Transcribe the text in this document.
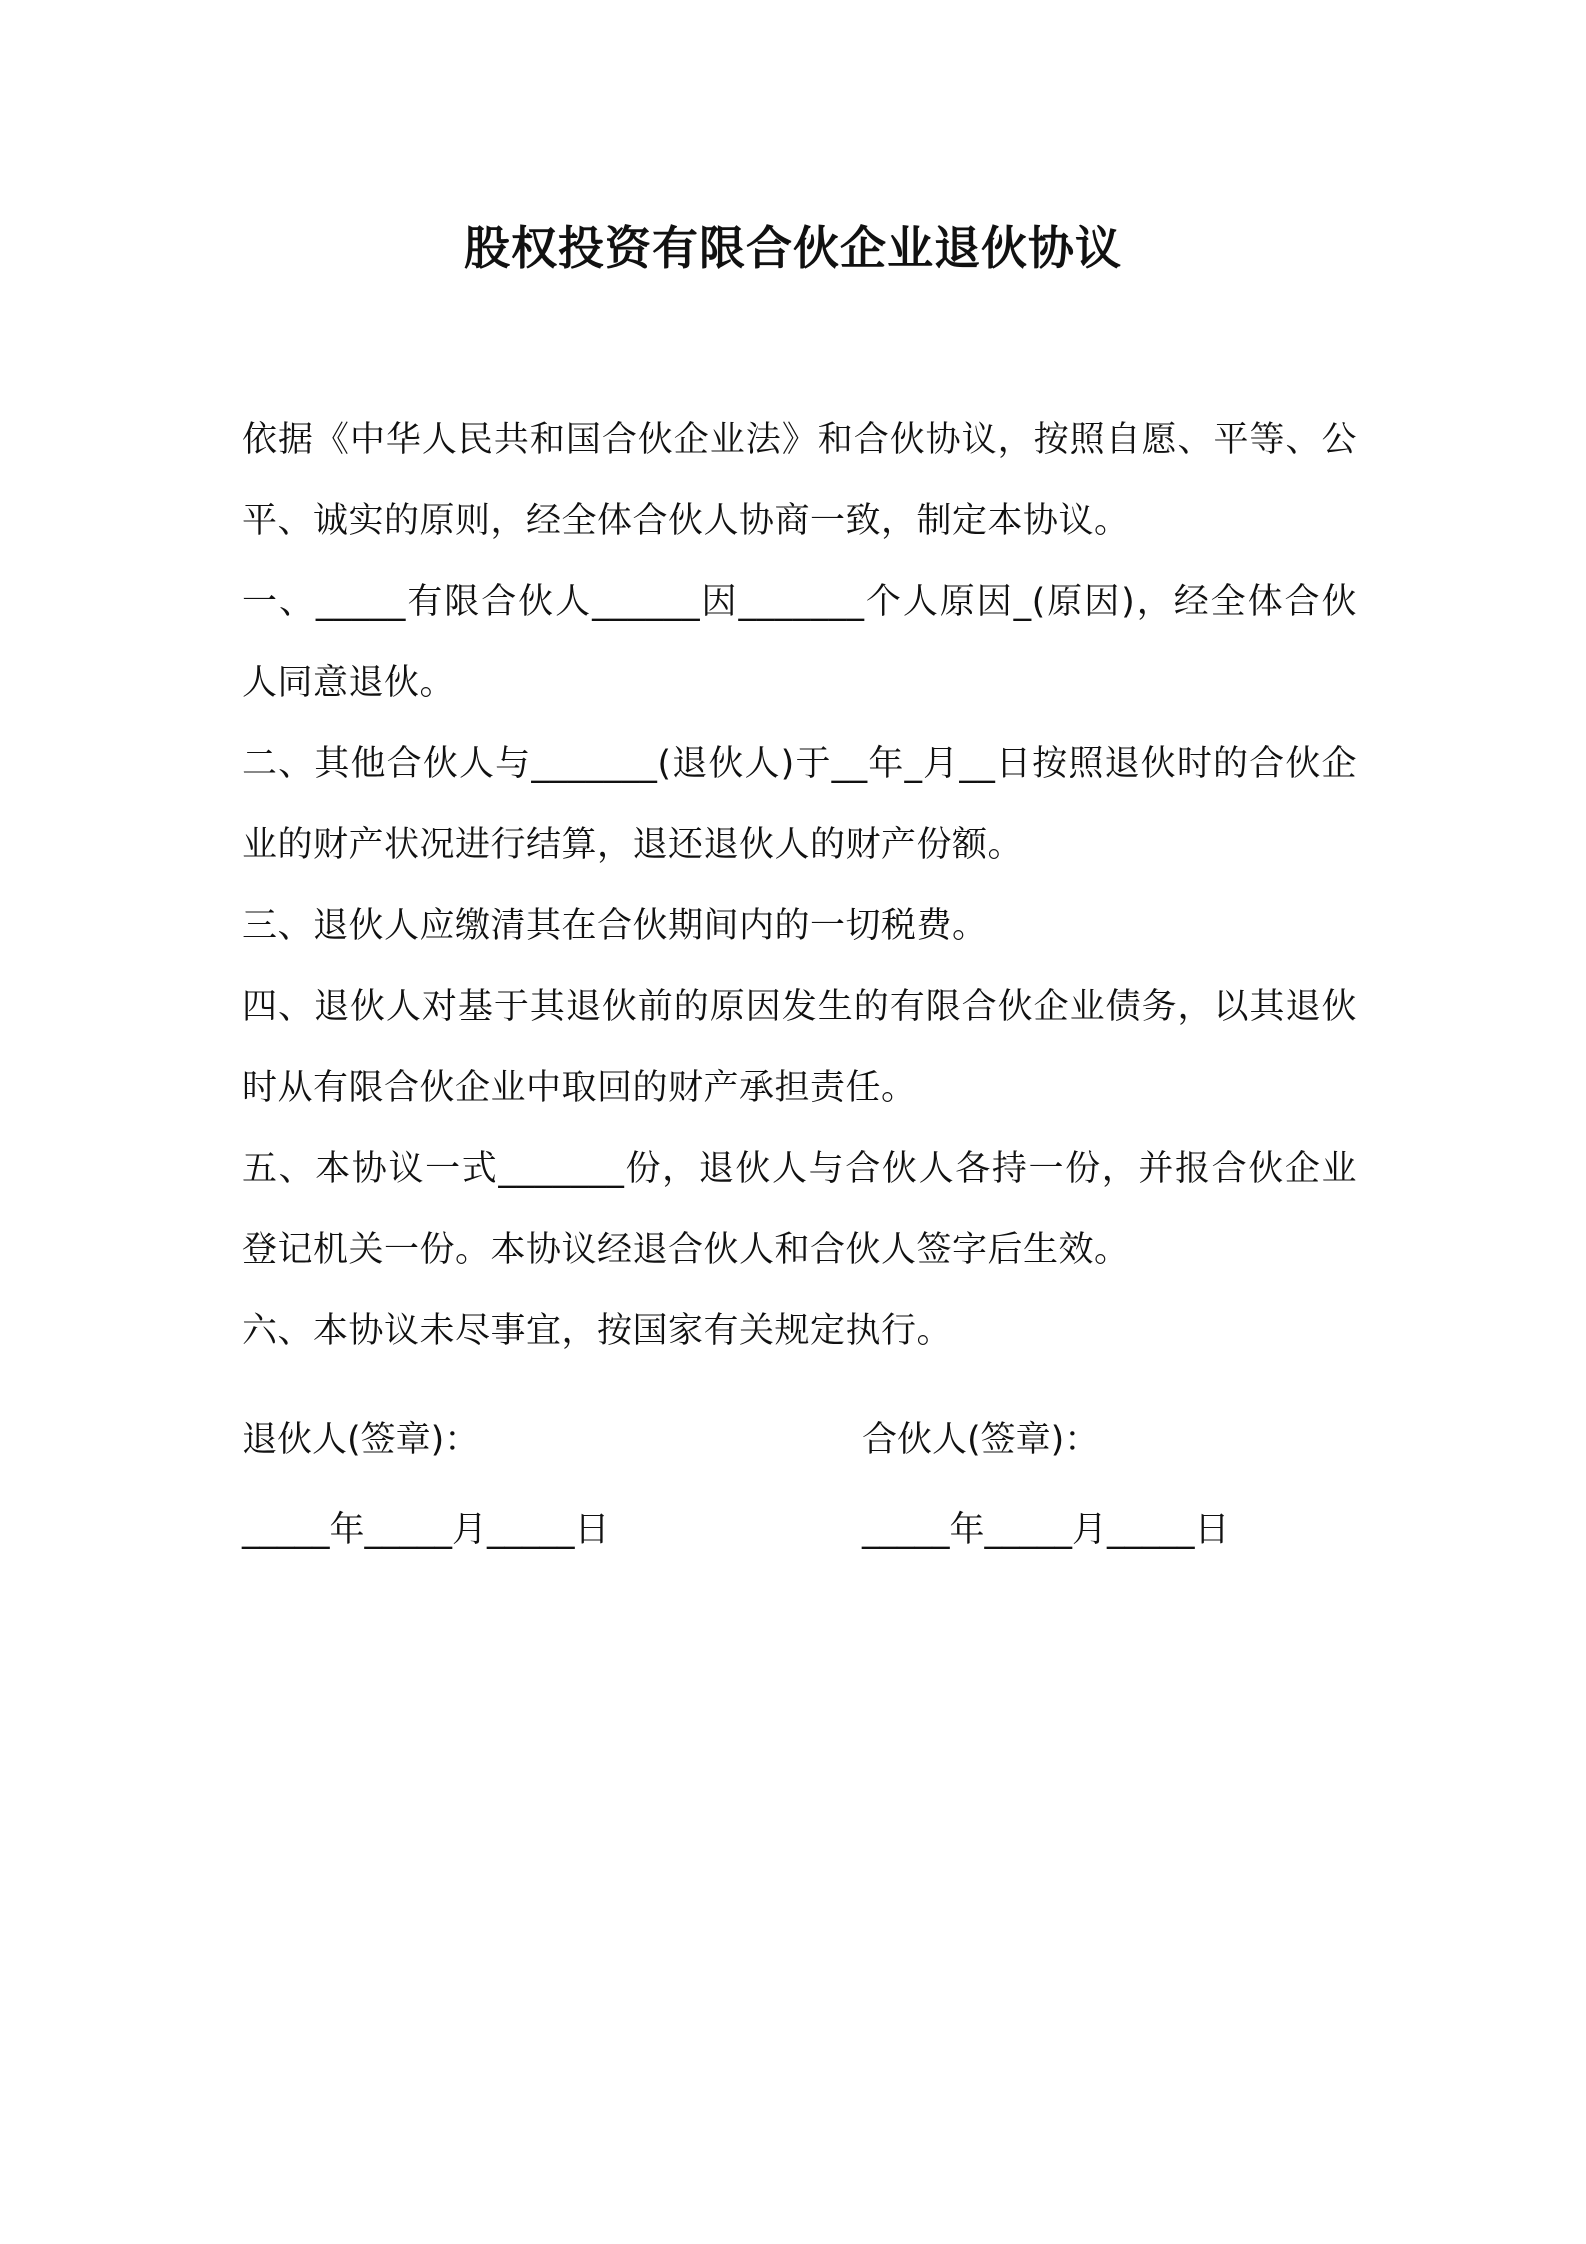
股权投资有限合伙企业退伙协议

依据《中华人民共和国合伙企业法》和合伙协议，按照自愿、平等、公平、诚实的原则，经全体合伙人协商一致，制定本协议。

一、_____有限合伙人______因_______个人原因_(原因)，经全体合伙人同意退伙。

二、其他合伙人与_______(退伙人)于__年_月__日按照退伙时的合伙企业的财产状况进行结算，退还退伙人的财产份额。

三、退伙人应缴清其在合伙期间内的一切税费。

四、退伙人对基于其退伙前的原因发生的有限合伙企业债务，以其退伙时从有限合伙企业中取回的财产承担责任。

五、本协议一式_______份，退伙人与合伙人各持一份，并报合伙企业登记机关一份。本协议经退合伙人和合伙人签字后生效。

六、本协议未尽事宜，按国家有关规定执行。

退伙人(签章)：	合伙人(签章)：
_____年_____月_____日	_____年_____月_____日
